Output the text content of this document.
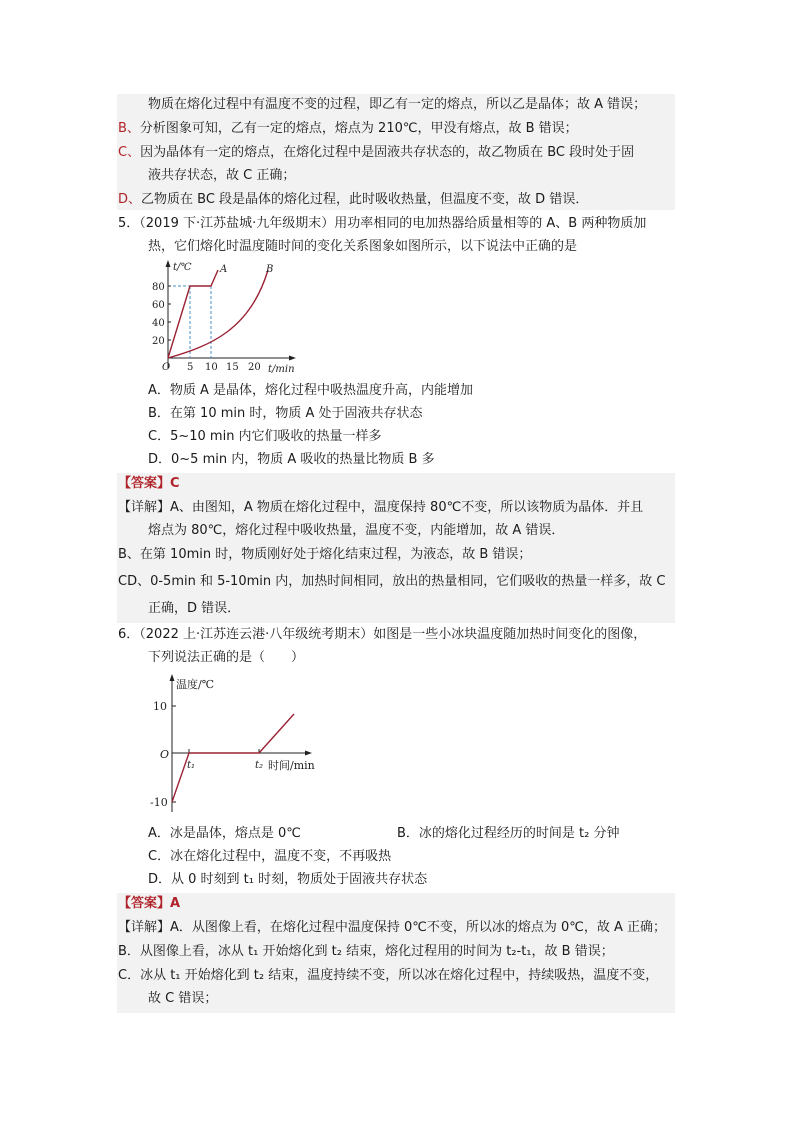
物质在熔化过程中有温度不变的过程，即乙有一定的熔点，所以乙是晶体；故 A 错误；
B、分析图象可知，乙有一定的熔点，熔点为 210℃，甲没有熔点，故 B 错误；
C、因为晶体有一定的熔点，在熔化过程中是固液共存状态的，故乙物质在 BC 段时处于固
液共存状态，故 C 正确；
D、乙物质在 BC 段是晶体的熔化过程，此时吸收热量，但温度不变，故 D 错误．
5．（2019 下·江苏盐城·九年级期末）用功率相同的电加热器给质量相等的 A、B 两种物质加
热，它们熔化时温度随时间的变化关系图象如图所示，以下说法中正确的是
t/℃	A	B
80
60
40
20
O 5 10 15 20 t/min
A．物质 A 是晶体，熔化过程中吸热温度升高，内能增加
B．在第 10 min 时，物质 A 处于固液共存状态
C．5~10 min 内它们吸收的热量一样多
D．0~5 min 内，物质 A 吸收的热量比物质 B 多
【答案】C
【详解】A、由图知，A 物质在熔化过程中，温度保持 80℃不变，所以该物质为晶体．并且
熔点为 80℃，熔化过程中吸收热量，温度不变，内能增加，故 A 错误．
B、在第 10min 时，物质刚好处于熔化结束过程，为液态，故 B 错误；
CD、0-5min 和 5-10min 内，加热时间相同，放出的热量相同，它们吸收的热量一样多，故 C
正确，D 错误．
6．（2022 上·江苏连云港·八年级统考期末）如图是一些小冰块温度随加热时间变化的图像，
下列说法正确的是（　　）
温度/℃
10
O
-10
t₁	t₂ 时间/min
A．冰是晶体，熔点是 0℃	B．冰的熔化过程经历的时间是 t₂ 分钟
C．冰在熔化过程中，温度不变，不再吸热
D．从 0 时刻到 t₁ 时刻，物质处于固液共存状态
【答案】A
【详解】A．从图像上看，在熔化过程中温度保持 0℃不变，所以冰的熔点为 0℃，故 A 正确；
B．从图像上看，冰从 t₁ 开始熔化到 t₂ 结束，熔化过程用的时间为 t₂-t₁，故 B 错误；
C．冰从 t₁ 开始熔化到 t₂ 结束，温度持续不变，所以冰在熔化过程中，持续吸热，温度不变，
故 C 错误；
